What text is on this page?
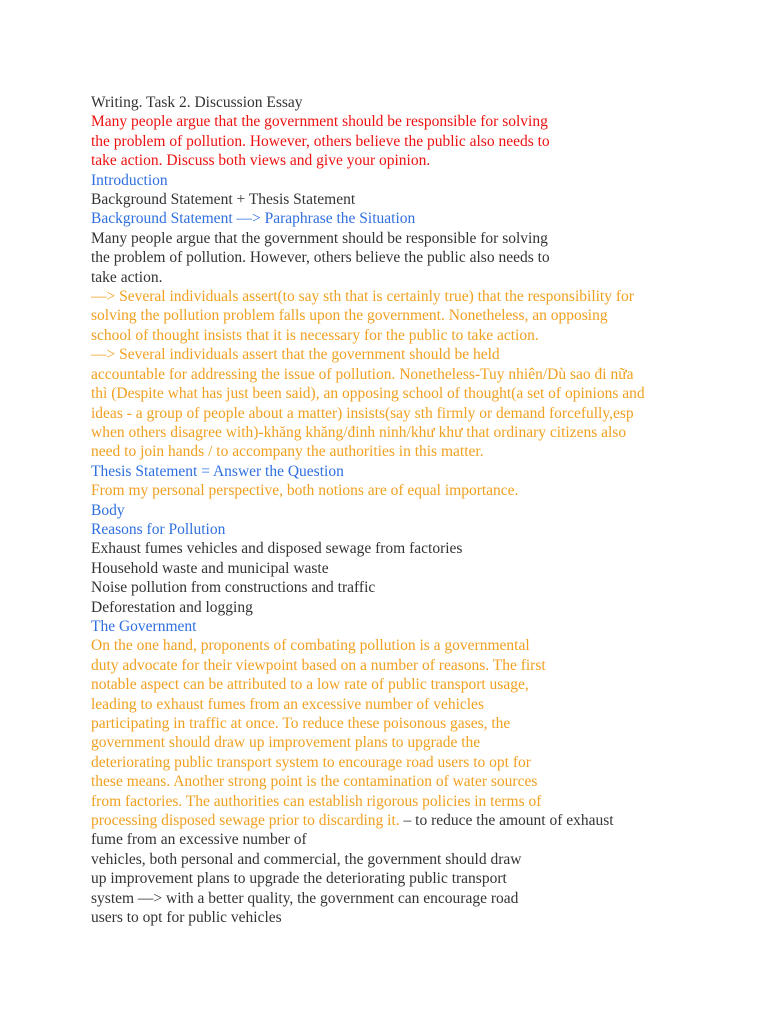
Writing. Task 2. Discussion Essay
Many people argue that the government should be responsible for solving
the problem of pollution. However, others believe the public also needs to
take action. Discuss both views and give your opinion.
Introduction
Background Statement + Thesis Statement
Background Statement —> Paraphrase the Situation
Many people argue that the government should be responsible for solving
the problem of pollution. However, others believe the public also needs to
take action.
—> Several individuals assert(to say sth that is certainly true) that the responsibility for
solving the pollution problem falls upon the government. Nonetheless, an opposing
school of thought insists that it is necessary for the public to take action.
—> Several individuals assert that the government should be held
accountable for addressing the issue of pollution. Nonetheless-Tuy nhiên/Dù sao đi nữa
thì (Despite what has just been said), an opposing school of thought(a set of opinions and
ideas - a group of people about a matter) insists(say sth firmly or demand forcefully,esp
when others disagree with)-khăng khăng/đinh ninh/khư khư that ordinary citizens also
need to join hands / to accompany the authorities in this matter.
Thesis Statement = Answer the Question
From my personal perspective, both notions are of equal importance.
Body
Reasons for Pollution
Exhaust fumes vehicles and disposed sewage from factories
Household waste and municipal waste
Noise pollution from constructions and traffic
Deforestation and logging
The Government
On the one hand, proponents of combating pollution is a governmental
duty advocate for their viewpoint based on a number of reasons. The first
notable aspect can be attributed to a low rate of public transport usage,
leading to exhaust fumes from an excessive number of vehicles
participating in traffic at once. To reduce these poisonous gases, the
government should draw up improvement plans to upgrade the
deteriorating public transport system to encourage road users to opt for
these means. Another strong point is the contamination of water sources
from factories. The authorities can establish rigorous policies in terms of
processing disposed sewage prior to discarding it. – to reduce the amount of exhaust
fume from an excessive number of
vehicles, both personal and commercial, the government should draw
up improvement plans to upgrade the deteriorating public transport
system —> with a better quality, the government can encourage road
users to opt for public vehicles
